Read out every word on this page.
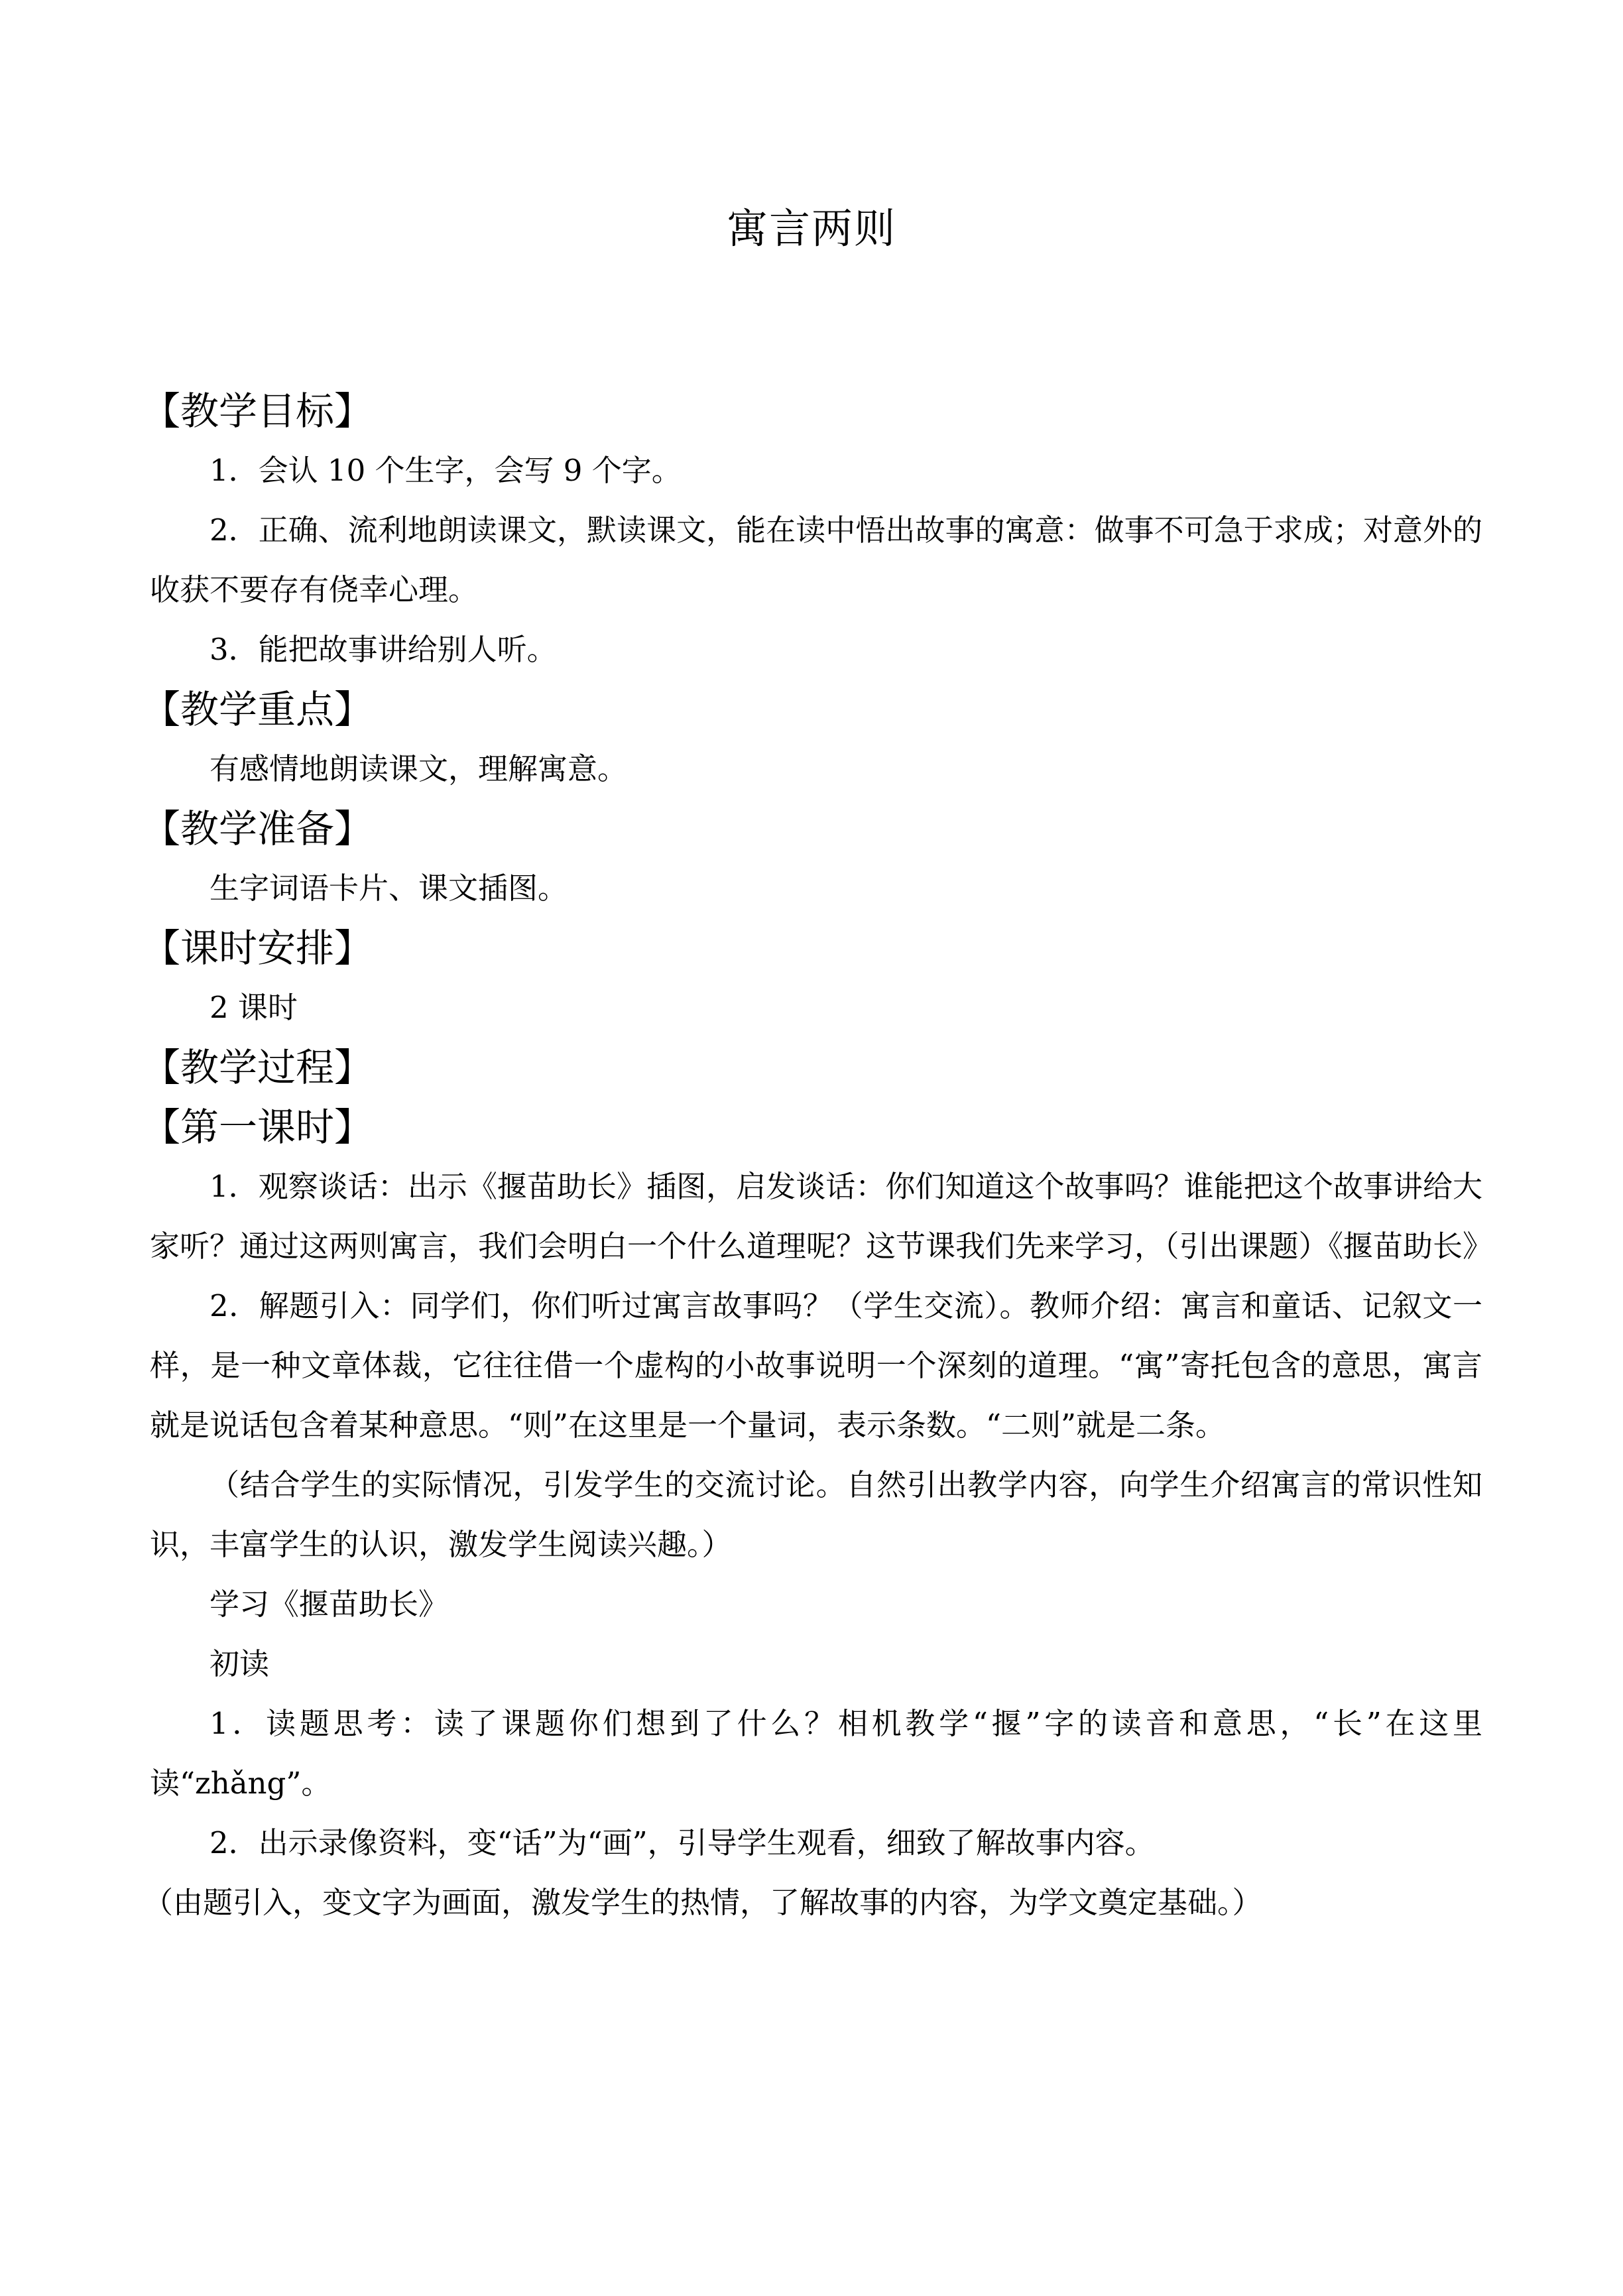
寓言两则
【教学目标】

1．会认 10 个生字，会写 9 个字。

2．正确、流利地朗读课文，默读课文，能在读中悟出故事的寓意：做事不可急于求成；对意外的收获不要存有侥幸心理。

3．能把故事讲给别人听。

【教学重点】

有感情地朗读课文，理解寓意。

【教学准备】

生字词语卡片、课文插图。

【课时安排】

2 课时

【教学过程】
【第一课时】

1．观察谈话：出示《揠苗助长》插图，启发谈话：你们知道这个故事吗？谁能把这个故事讲给大家听？通过这两则寓言，我们会明白一个什么道理呢？这节课我们先来学习，（引出课题）《揠苗助长》

2．解题引入：同学们，你们听过寓言故事吗？（学生交流）。教师介绍：寓言和童话、记叙文一样，是一种文章体裁，它往往借一个虚构的小故事说明一个深刻的道理。“寓”寄托包含的意思，寓言就是说话包含着某种意思。“则”在这里是一个量词，表示条数。“二则”就是二条。

（结合学生的实际情况，引发学生的交流讨论。自然引出教学内容，向学生介绍寓言的常识性知识，丰富学生的认识，激发学生阅读兴趣。）

学习《揠苗助长》

初读

1．读题思考：读了课题你们想到了什么？相机教学“揠”字的读音和意思，“长”在这里读“zhǎng”。

2．出示录像资料，变“话”为“画”，引导学生观看，细致了解故事内容。

（由题引入，变文字为画面，激发学生的热情，了解故事的内容，为学文奠定基础。）
